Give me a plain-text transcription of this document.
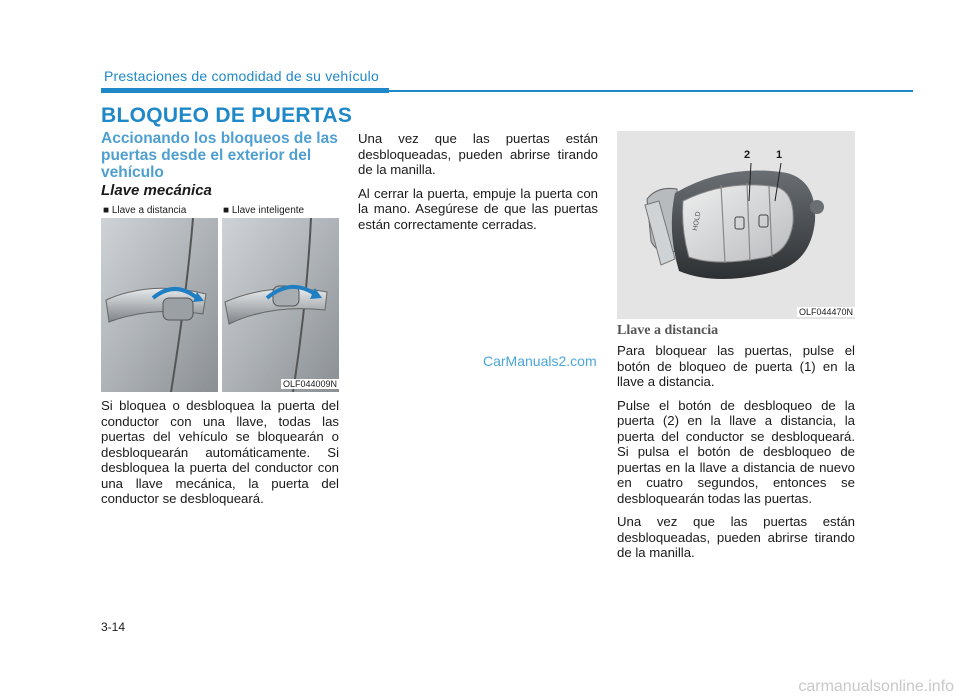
Prestaciones de comodidad de su vehículo
BLOQUEO DE PUERTAS
Accionando los bloqueos de las puertas desde el exterior del vehículo
Llave mecánica
■ Llave a distancia	■ Llave inteligente
OLF044009N

Si bloquea o desbloquea la puerta del conductor con una llave, todas las puertas del vehículo se bloquearán o desbloquearán automáticamente. Si desbloquea la puerta del conductor con una llave mecánica, la puerta del conductor se desbloqueará.

Una vez que las puertas están desbloqueadas, pueden abrirse tirando de la manilla.

Al cerrar la puerta, empuje la puerta con la mano. Asegúrese de que las puertas están correctamente cerradas.

CarManuals2.com
HOLD
2 1
OLF044470N
Llave a distancia

Para bloquear las puertas, pulse el botón de bloqueo de puerta (1) en la llave a distancia.

Pulse el botón de desbloqueo de la puerta (2) en la llave a distancia, la puerta del conductor se desbloqueará. Si pulsa el botón de desbloqueo de puertas en la llave a distancia de nuevo en cuatro segundos, entonces se desbloquearán todas las puertas.

Una vez que las puertas están desbloqueadas, pueden abrirse tirando de la manilla.

3-14
carmanualsonline.info
